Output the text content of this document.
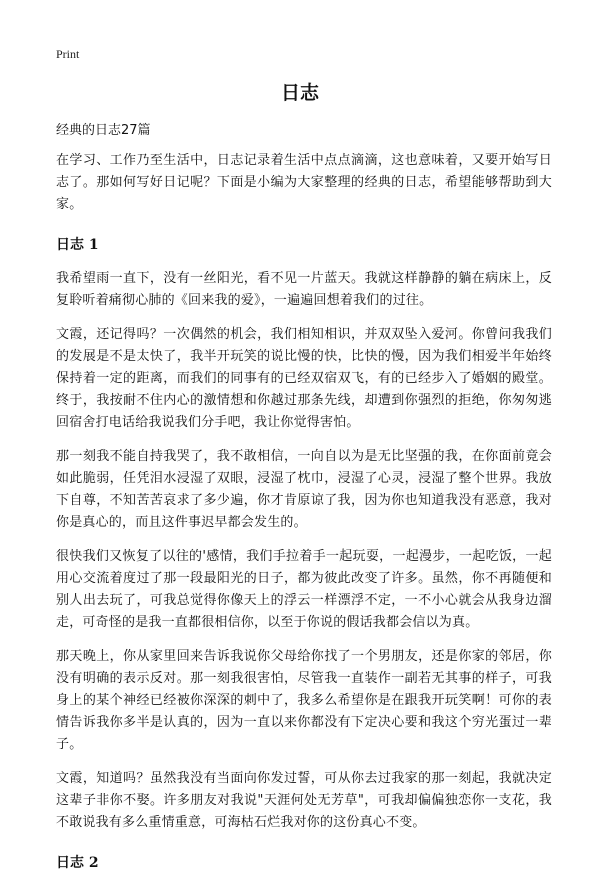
Print
日志

经典的日志27篇

在学习、工作乃至生活中，日志记录着生活中点点滴滴，这也意味着，又要开始写日志了。那如何写好日记呢？下面是小编为大家整理的经典的日志，希望能够帮助到大家。

日志 1

我希望雨一直下，没有一丝阳光，看不见一片蓝天。我就这样静静的躺在病床上，反复聆听着痛彻心肺的《回来我的爱》，一遍遍回想着我们的过往。

文霞，还记得吗？一次偶然的机会，我们相知相识，并双双坠入爱河。你曾问我我们的发展是不是太快了，我半开玩笑的说比慢的快，比快的慢，因为我们相爱半年始终保持着一定的距离，而我们的同事有的已经双宿双飞，有的已经步入了婚姻的殿堂。终于，我按耐不住内心的激情想和你越过那条先线，却遭到你强烈的拒绝，你匆匆逃回宿舍打电话给我说我们分手吧，我让你觉得害怕。

那一刻我不能自持我哭了，我不敢相信，一向自以为是无比坚强的我，在你面前竟会如此脆弱，任凭泪水浸湿了双眼，浸湿了枕巾，浸湿了心灵，浸湿了整个世界。我放下自尊，不知苦苦哀求了多少遍，你才肯原谅了我，因为你也知道我没有恶意，我对你是真心的，而且这件事迟早都会发生的。

很快我们又恢复了以往的'感情，我们手拉着手一起玩耍，一起漫步，一起吃饭，一起用心交流着度过了那一段最阳光的日子，都为彼此改变了许多。虽然，你不再随便和别人出去玩了，可我总觉得你像天上的浮云一样漂浮不定，一不小心就会从我身边溜走，可奇怪的是我一直都很相信你，以至于你说的假话我都会信以为真。

那天晚上，你从家里回来告诉我说你父母给你找了一个男朋友，还是你家的邻居，你没有明确的表示反对。那一刻我很害怕，尽管我一直装作一副若无其事的样子，可我身上的某个神经已经被你深深的刺中了，我多么希望你是在跟我开玩笑啊！可你的表情告诉我你多半是认真的，因为一直以来你都没有下定决心要和我这个穷光蛋过一辈子。

文霞，知道吗？虽然我没有当面向你发过誓，可从你去过我家的那一刻起，我就决定这辈子非你不娶。许多朋友对我说"天涯何处无芳草"，可我却偏偏独恋你一支花，我不敢说我有多么重情重意，可海枯石烂我对你的这份真心不变。

日志 2
